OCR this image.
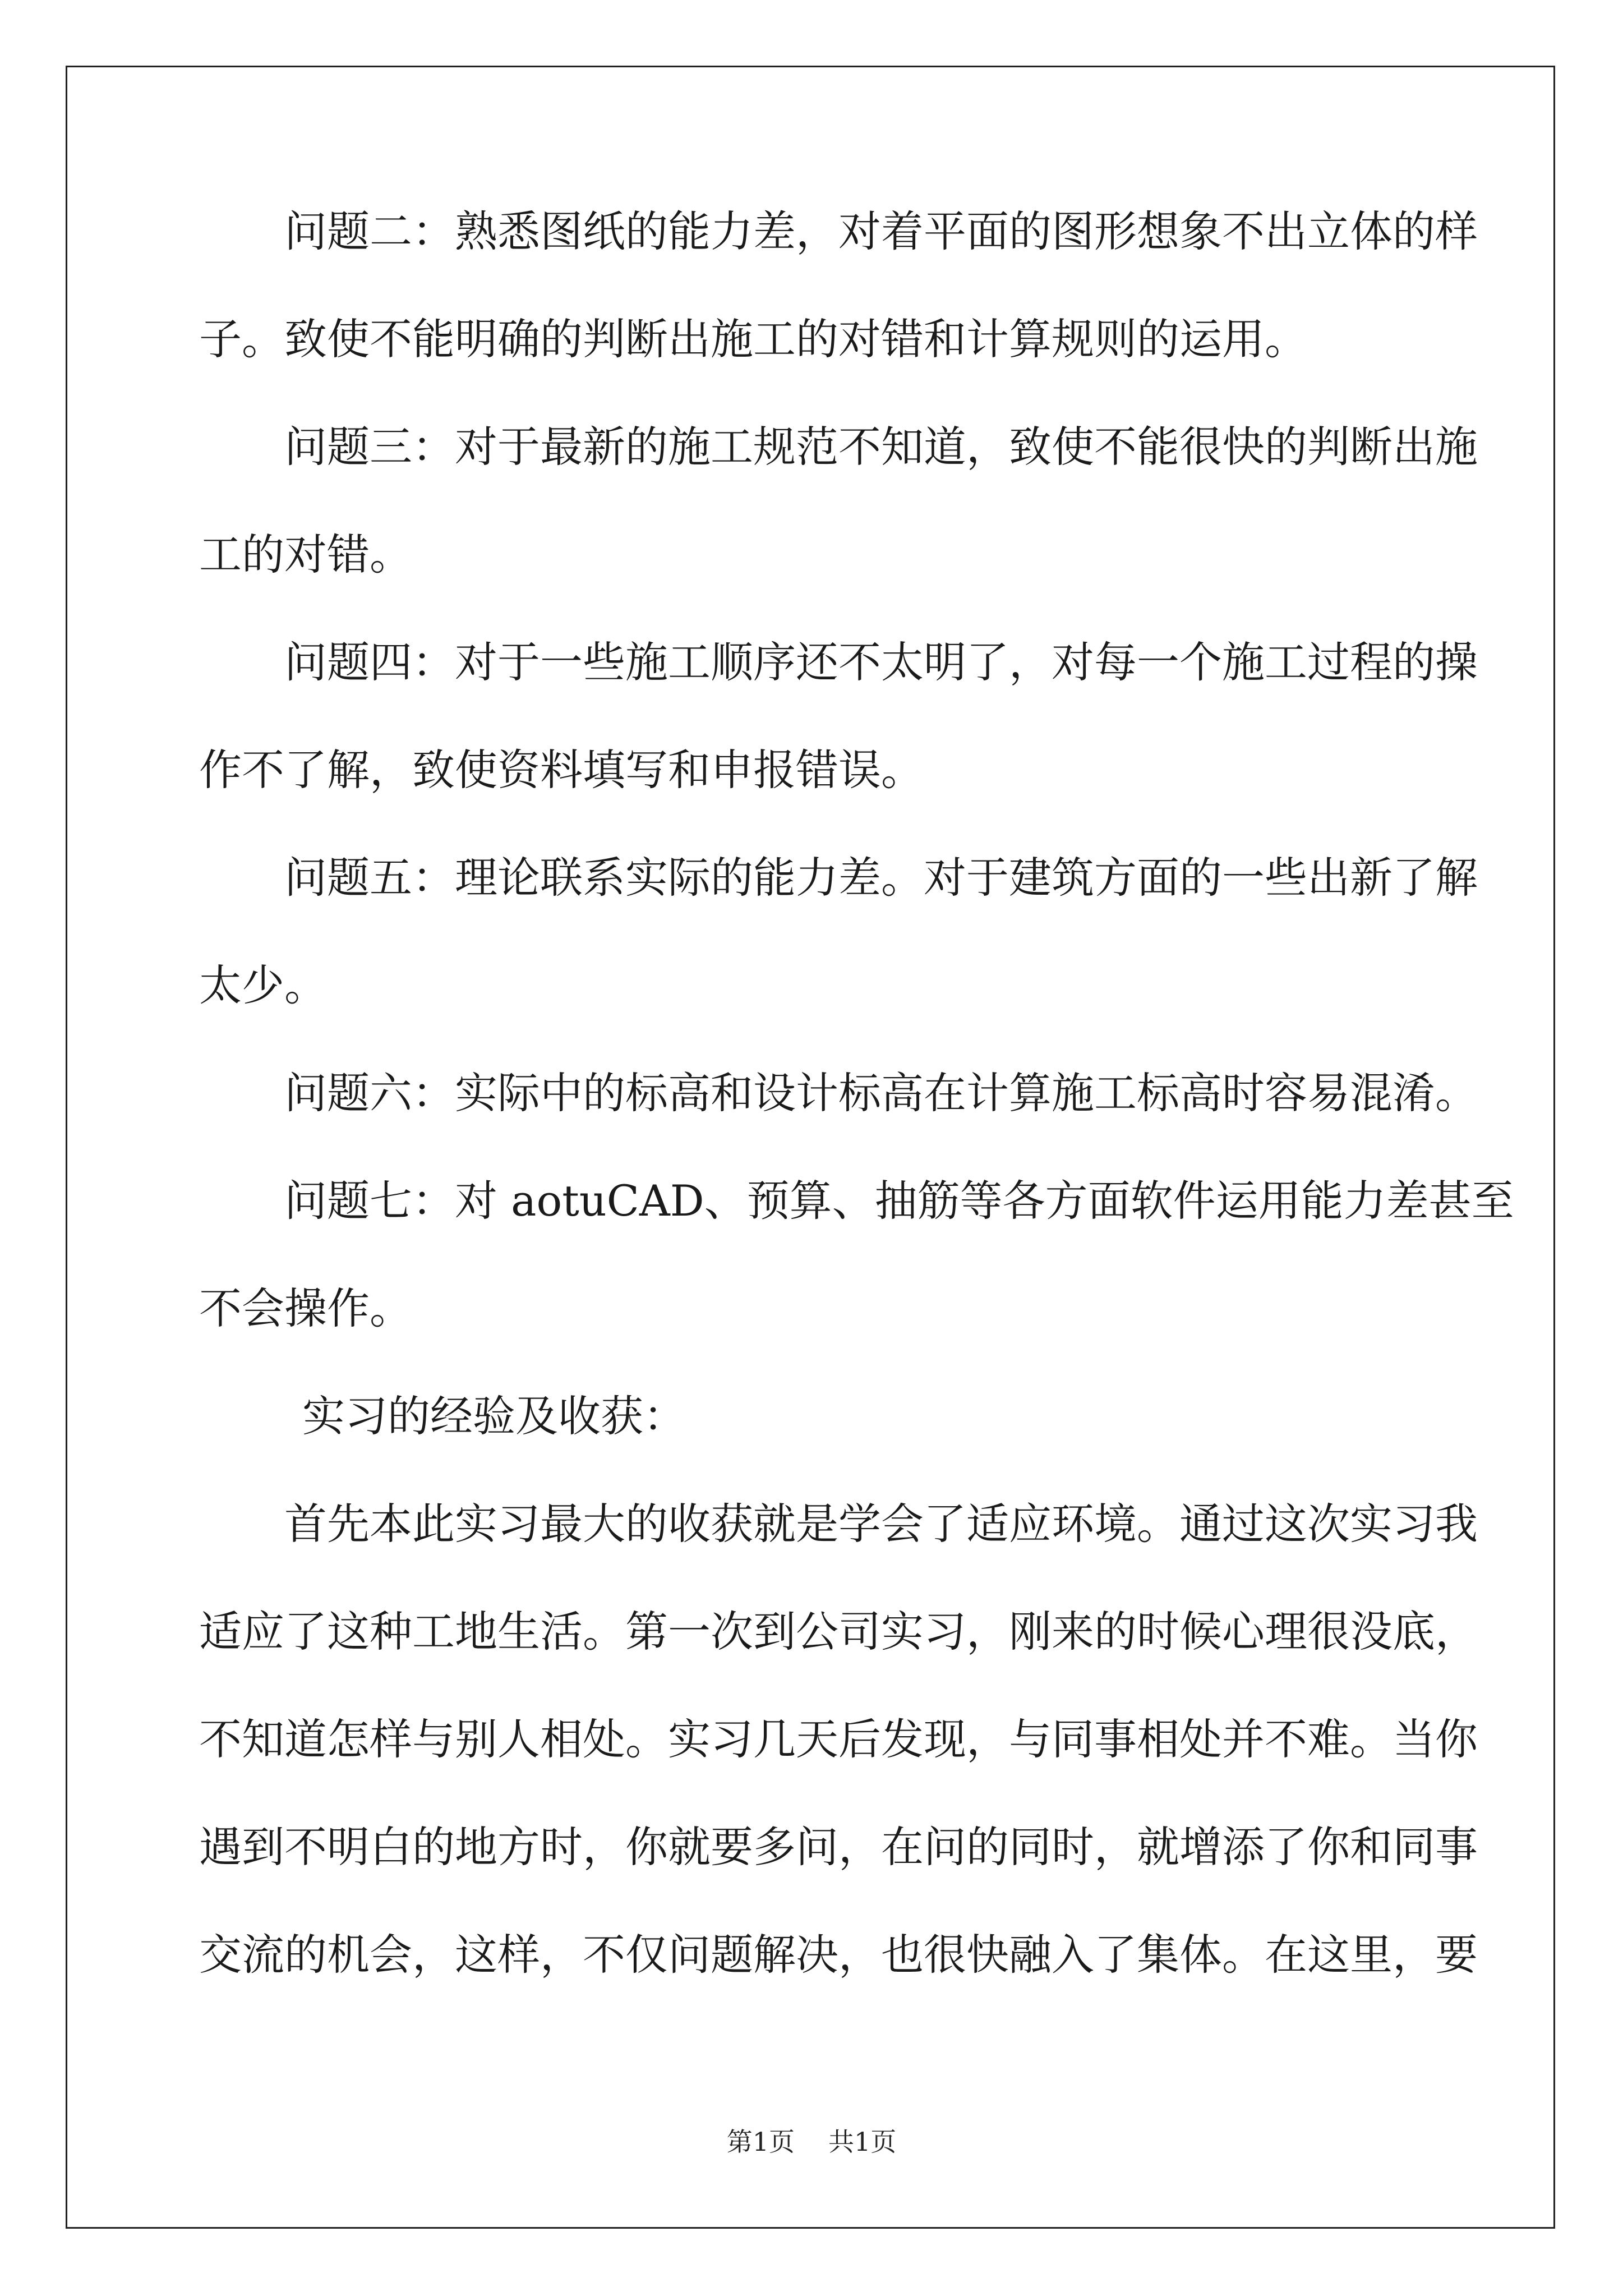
问题二：熟悉图纸的能力差，对着平面的图形想象不出立体的样
子。致使不能明确的判断出施工的对错和计算规则的运用。
问题三：对于最新的施工规范不知道，致使不能很快的判断出施
工的对错。
问题四：对于一些施工顺序还不太明了，对每一个施工过程的操
作不了解，致使资料填写和申报错误。
问题五：理论联系实际的能力差。对于建筑方面的一些出新了解
太少。
问题六：实际中的标高和设计标高在计算施工标高时容易混淆。
问题七：对 aotuCAD、预算、抽筋等各方面软件运用能力差甚至
不会操作。
实习的经验及收获：
首先本此实习最大的收获就是学会了适应环境。通过这次实习我
适应了这种工地生活。第一次到公司实习，刚来的时候心理很没底，
不知道怎样与别人相处。实习几天后发现，与同事相处并不难。当你
遇到不明白的地方时，你就要多问，在问的同时，就增添了你和同事
交流的机会，这样，不仅问题解决，也很快融入了集体。在这里，要
第1页 共1页
